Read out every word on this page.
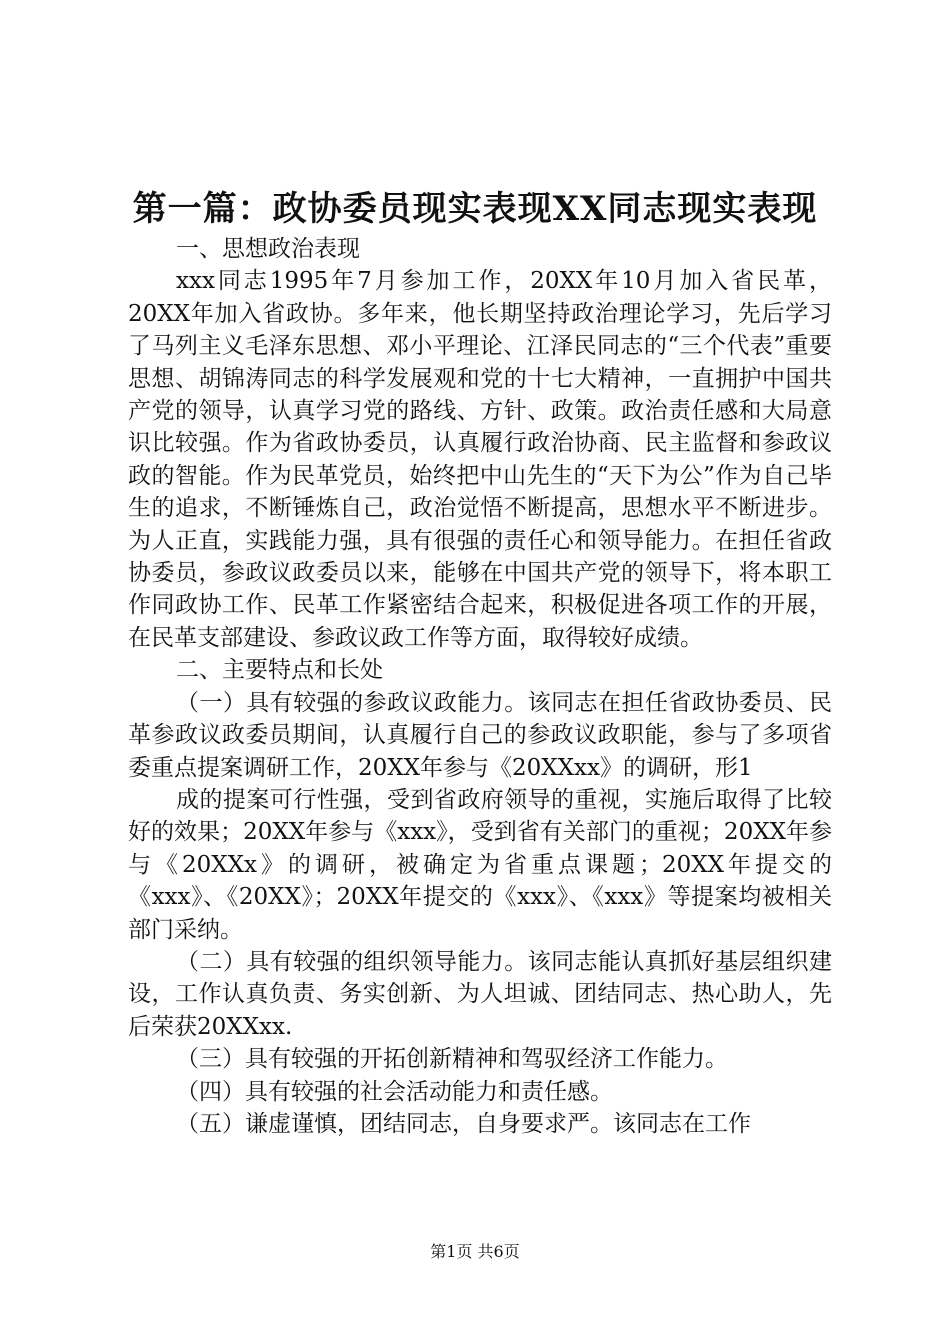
第一篇：政协委员现实表现XX同志现实表现

一、思想政治表现

xxx同志1995年7月参加工作，20XX年10月加入省民革，20XX年加入省政协。多年来，他长期坚持政治理论学习，先后学习了马列主义毛泽东思想、邓小平理论、江泽民同志的“三个代表”重要思想、胡锦涛同志的科学发展观和党的十七大精神，一直拥护中国共产党的领导，认真学习党的路线、方针、政策。政治责任感和大局意识比较强。作为省政协委员，认真履行政治协商、民主监督和参政议政的智能。作为民革党员，始终把中山先生的“天下为公”作为自己毕生的追求，不断锤炼自己，政治觉悟不断提高，思想水平不断进步。为人正直，实践能力强，具有很强的责任心和领导能力。在担任省政协委员，参政议政委员以来，能够在中国共产党的领导下，将本职工作同政协工作、民革工作紧密结合起来，积极促进各项工作的开展，在民革支部建设、参政议政工作等方面，取得较好成绩。

二、主要特点和长处

（一）具有较强的参政议政能力。该同志在担任省政协委员、民革参政议政委员期间，认真履行自己的参政议政职能，参与了多项省委重点提案调研工作，20XX年参与《20XXxx》的调研，形1

成的提案可行性强，受到省政府领导的重视，实施后取得了比较好的效果；20XX年参与《xxx》，受到省有关部门的重视；20XX年参与《20XXx》的调研，被确定为省重点课题；20XX年提交的《xxx》、《20XX》；20XX年提交的《xxx》、《xxx》等提案均被相关部门采纳。

（二）具有较强的组织领导能力。该同志能认真抓好基层组织建设，工作认真负责、务实创新、为人坦诚、团结同志、热心助人，先后荣获20XXxx.

（三）具有较强的开拓创新精神和驾驭经济工作能力。

（四）具有较强的社会活动能力和责任感。

（五）谦虚谨慎，团结同志，自身要求严。该同志在工作

第1页 共6页
